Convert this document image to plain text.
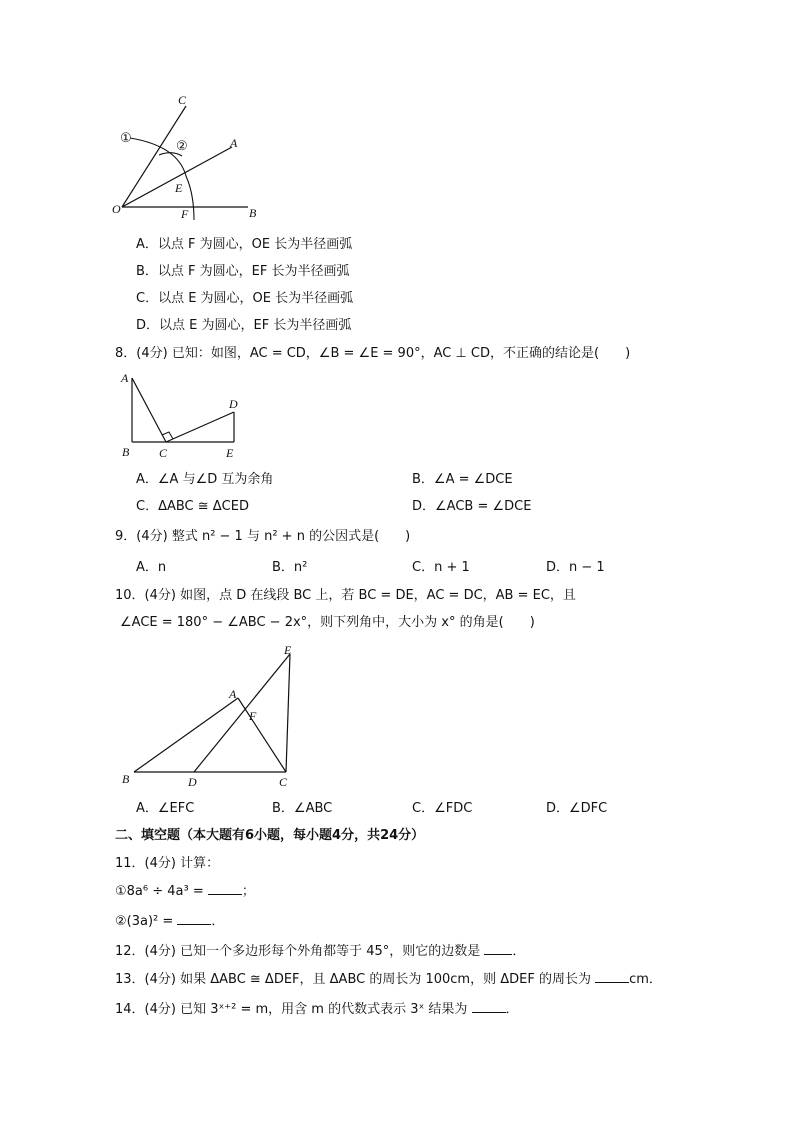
O	B
C
A
E
F
①
②
A．以点 F 为圆心，OE 长为半径画弧
B．以点 F 为圆心，EF 长为半径画弧
C．以点 E 为圆心，OE 长为半径画弧
D．以点 E 为圆心，EF 长为半径画弧
8．(4分) 已知：如图，AC = CD，∠B = ∠E = 90°，AC ⊥ CD，不正确的结论是(　　)
A
B C
D
E
A．∠A 与∠D 互为余角	B．∠A = ∠DCE
C．ΔABC ≅ ΔCED	D．∠ACB = ∠DCE
9．(4分) 整式 n² − 1 与 n² + n 的公因式是(　　)
A．n	B．n²	C．n + 1	D．n − 1
10．(4分) 如图，点 D 在线段 BC 上，若 BC = DE，AC = DC，AB = EC，且
∠ACE = 180° − ∠ABC − 2x°，则下列角中，大小为 x° 的角是(　　)
E
A
F
B	D	C
A．∠EFC	B．∠ABC	C．∠FDC	D．∠DFC
二、填空题（本大题有6小题，每小题4分，共24分）
11．(4分) 计算：
①8a⁶ ÷ 4a³ =	；
②(3a)² =	．
12．(4分) 已知一个多边形每个外角都等于 45°，则它的边数是 ．
13．(4分) 如果 ΔABC ≅ ΔDEF，且 ΔABC 的周长为 100cm，则 ΔDEF 的周长为	cm．
14．(4分) 已知 3ˣ⁺² = m，用含 m 的代数式表示 3ˣ 结果为	．
